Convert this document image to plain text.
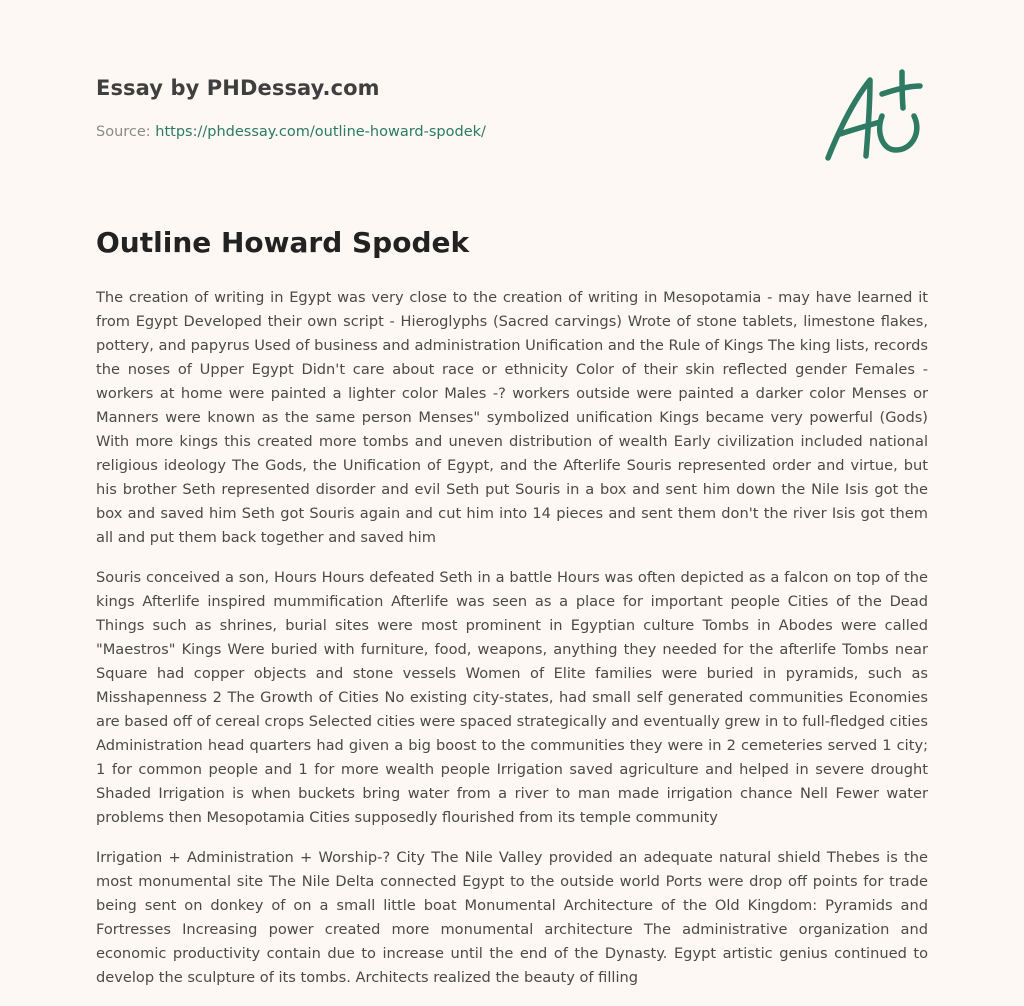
Essay by PHDessay.com
Source: https://phdessay.com/outline-howard-spodek/
Outline Howard Spodek

The creation of writing in Egypt was very close to the creation of writing in Mesopotamia - may have learned it from Egypt Developed their own script - Hieroglyphs (Sacred carvings) Wrote of stone tablets, limestone flakes, pottery, and papyrus Used of business and administration Unification and the Rule of Kings The king lists, records the noses of Upper Egypt Didn't care about race or ethnicity Color of their skin reflected gender Females - workers at home were painted a lighter color Males -? workers outside were painted a darker color Menses or Manners were known as the same person Menses" symbolized unification Kings became very powerful (Gods) With more kings this created more tombs and uneven distribution of wealth Early civilization included national religious ideology The Gods, the Unification of Egypt, and the Afterlife Souris represented order and virtue, but his brother Seth represented disorder and evil Seth put Souris in a box and sent him down the Nile Isis got the box and saved him Seth got Souris again and cut him into 14 pieces and sent them don't the river Isis got them all and put them back together and saved him

Souris conceived a son, Hours Hours defeated Seth in a battle Hours was often depicted as a falcon on top of the kings Afterlife inspired mummification Afterlife was seen as a place for important people Cities of the Dead Things such as shrines, burial sites were most prominent in Egyptian culture Tombs in Abodes were called "Maestros" Kings Were buried with furniture, food, weapons, anything they needed for the afterlife Tombs near Square had copper objects and stone vessels Women of Elite families were buried in pyramids, such as Misshapenness 2 The Growth of Cities No existing city-states, had small self generated communities Economies are based off of cereal crops Selected cities were spaced strategically and eventually grew in to full-fledged cities Administration head quarters had given a big boost to the communities they were in 2 cemeteries served 1 city; 1 for common people and 1 for more wealth people Irrigation saved agriculture and helped in severe drought Shaded Irrigation is when buckets bring water from a river to man made irrigation chance Nell Fewer water problems then Mesopotamia Cities supposedly flourished from its temple community

Irrigation + Administration + Worship-? City The Nile Valley provided an adequate natural shield Thebes is the most monumental site The Nile Delta connected Egypt to the outside world Ports were drop off points for trade being sent on donkey of on a small little boat Monumental Architecture of the Old Kingdom: Pyramids and Fortresses Increasing power created more monumental architecture The administrative organization and economic productivity contain due to increase until the end of the Dynasty. Egypt artistic genius continued to develop the sculpture of its tombs. Architects realized the beauty of filling
